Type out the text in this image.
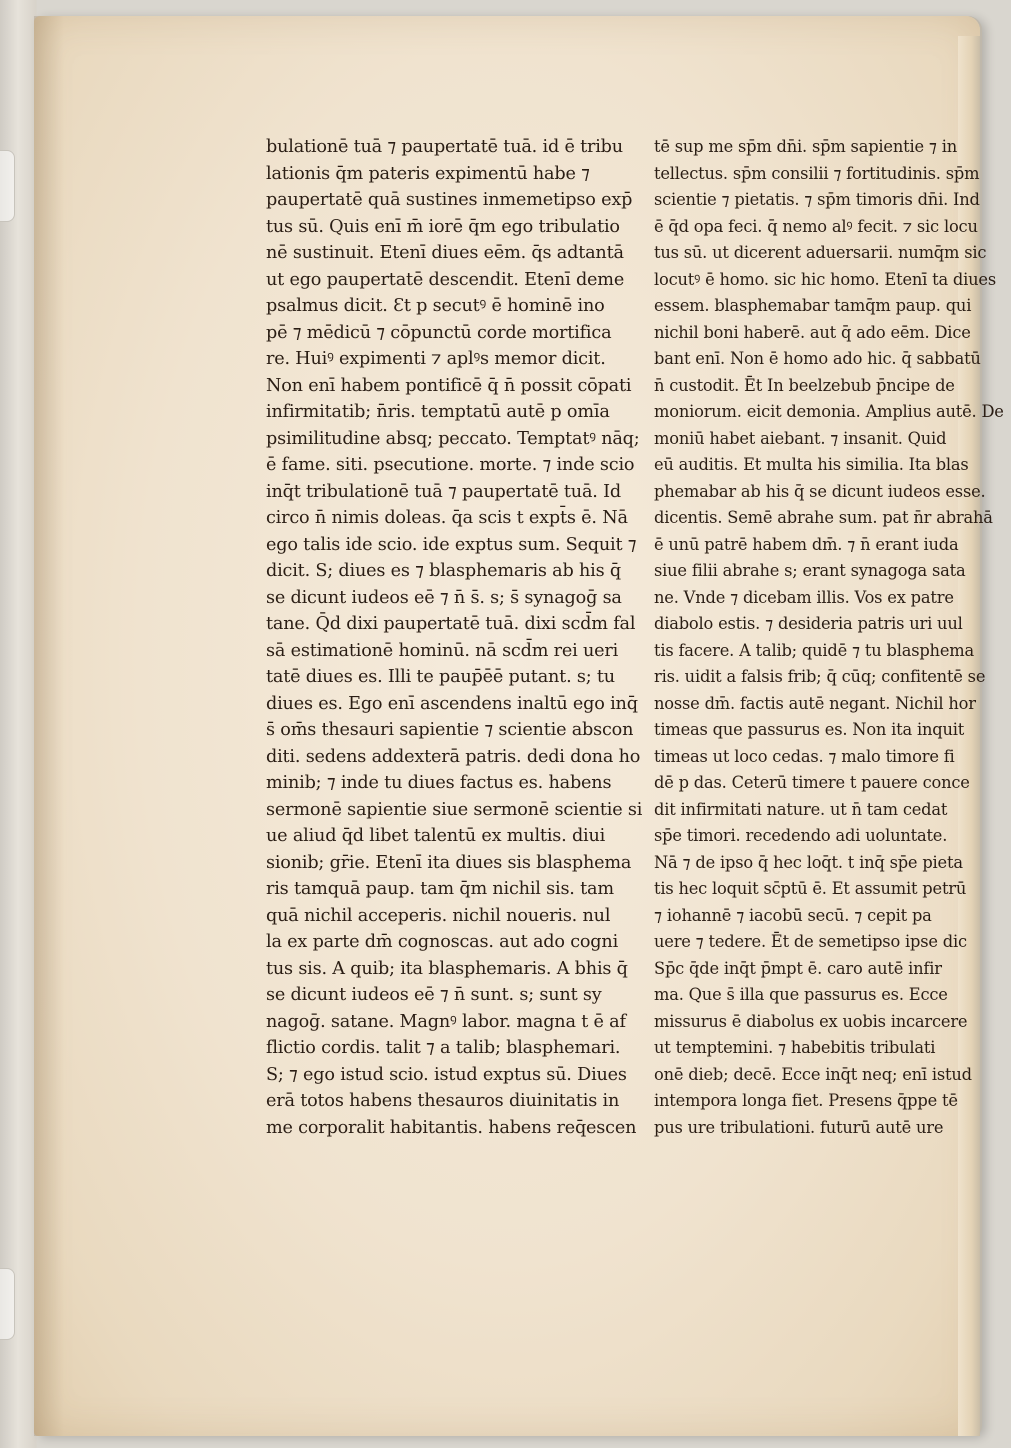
bulationē tuā ⁊ paupertatē tuā. id ē tribu
lationis q̄m pateris expimentū habe ⁊
paupertatē quā sustines inmemetipso exp̄
tus sū. Quis enī m̄ iorē q̄m ego tribulatio
nē sustinuit. Etenī diues eēm. q̄s adtantā
ut ego paupertatē descendit. Etenī deme
psalmus dicit. Ɛt p secutꝰ ē hominē ino
pē ⁊ mēdicū ⁊ cōpunctū corde mortifica
re. Huiꝰ expimenti ⁊ aplꝰs memor dicit.
Non enī habem pontificē q̄ n̄ possit cōpati
infirmitatib; n̄ris. temptatū autē p omīa
psimilitudine absq; peccato. Temptatꝰ nāq;
ē fame. siti. psecutione. morte. ⁊ inde scio
inq̄t tribulationē tuā ⁊ paupertatē tuā. Id
circo n̄ nimis doleas. q̄a scis t expt̄s ē. Nā
ego talis ide scio. ide exptus sum. Sequit ⁊
dicit. S; diues es ⁊ blasphemaris ab his q̄
se dicunt iudeos eē ⁊ n̄ s̄. s; s̄ synagoḡ sa
tane. Q̄d dixi paupertatē tuā. dixi scd̄m fal
sā estimationē hominū. nā scd̄m rei ueri
tatē diues es. Illi te paup̄ēē putant. s; tu
diues es. Ego enī ascendens inaltū ego inq̄
s̄ om̄s thesauri sapientie ⁊ scientie abscon
diti. sedens addexterā patris. dedi dona ho
minib; ⁊ inde tu diues factus es. habens
sermonē sapientie siue sermonē scientie si
ue aliud q̄d libet talentū ex multis. diui
sionib; gr̄ie. Etenī ita diues sis blasphema
ris tamquā paup. tam q̄m nichil sis. tam
quā nichil acceperis. nichil noueris. nul
la ex parte dm̄ cognoscas. aut ado cogni
tus sis. A quib; ita blasphemaris. A bhis q̄
se dicunt iudeos eē ⁊ n̄ sunt. s; sunt sy
nagoḡ. satane. Magnꝰ labor. magna t ē af
flictio cordis. talit ⁊ a talib; blasphemari.
S; ⁊ ego istud scio. istud exptus sū. Diues
erā totos habens thesauros diuinitatis in
me corporalit habitantis. habens req̄escen
tē sup me sp̄m dn̄i. sp̄m sapientie ⁊ in
tellectus. sp̄m consilii ⁊ fortitudinis. sp̄m
scientie ⁊ pietatis. ⁊ sp̄m timoris dn̄i. Ind
ē q̄d opa feci. q̄ nemo alꝰ fecit. ⁊ sic locu
tus sū. ut dicerent aduersarii. numq̄m sic
locutꝰ ē homo. sic hic homo. Etenī ta diues
essem. blasphemabar tamq̄m paup. qui
nichil boni haberē. aut q̄ ado eēm. Dice
bant enī. Non ē homo ado hic. q̄ sabbatū
n̄ custodit. Ēt In beelzebub p̄ncipe de
moniorum. eicit demonia. Amplius autē. De
moniū habet aiebant. ⁊ insanit. Quid
eū auditis. Et multa his similia. Ita blas
phemabar ab his q̄ se dicunt iudeos esse.
dicentis. Semē abrahe sum. pat n̄r abrahā
ē unū patrē habem dm̄. ⁊ n̄ erant iuda
siue filii abrahe s; erant synagoga sata
ne. Vnde ⁊ dicebam illis. Vos ex patre
diabolo estis. ⁊ desideria patris uri uul
tis facere. A talib; quidē ⁊ tu blasphema
ris. uidit a falsis frib; q̄ cūq; confitentē se
nosse dm̄. factis autē negant. Nichil hor
timeas que passurus es. Non ita inquit
timeas ut loco cedas. ⁊ malo timore fi
dē p das. Ceterū timere t pauere conce
dit infirmitati nature. ut n̄ tam cedat
sp̄e timori. recedendo adi uoluntate.
Nā ⁊ de ipso q̄ hec loq̄t. t inq̄ sp̄e pieta
tis hec loquit sc̄ptū ē. Et assumit petrū
⁊ iohannē ⁊ iacobū secū. ⁊ cepit pa
uere ⁊ tedere. Ēt de semetipso ipse dic
Sp̄c q̄de inq̄t p̄mpt ē. caro autē infir
ma. Que s̄ illa que passurus es. Ecce
missurus ē diabolus ex uobis incarcere
ut temptemini. ⁊ habebitis tribulati
onē dieb; decē. Ecce inq̄t neq; enī istud
intempora longa fiet. Presens q̄ppe tē
pus ure tribulationi. futurū autē ure
